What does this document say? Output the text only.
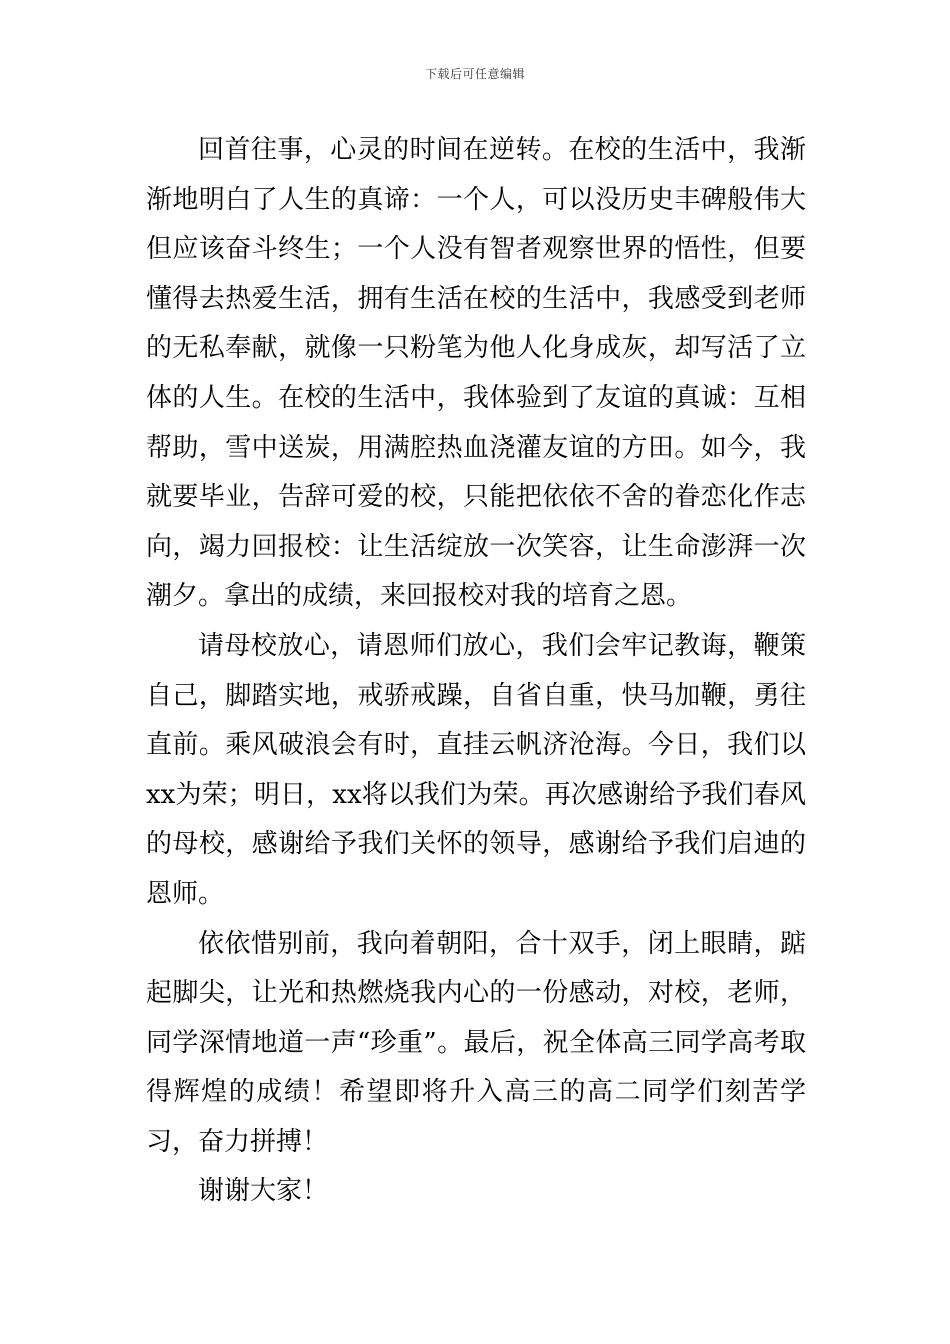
下载后可任意编辑

回首往事，心灵的时间在逆转。在校的生活中，我渐渐地明白了人生的真谛：一个人，可以没历史丰碑般伟大但应该奋斗终生；一个人没有智者观察世界的悟性，但要懂得去热爱生活，拥有生活在校的生活中，我感受到老师的无私奉献，就像一只粉笔为他人化身成灰，却写活了立体的人生。在校的生活中，我体验到了友谊的真诚：互相帮助，雪中送炭，用满腔热血浇灌友谊的方田。如今，我就要毕业，告辞可爱的校，只能把依依不舍的眷恋化作志向，竭力回报校：让生活绽放一次笑容，让生命澎湃一次潮夕。拿出的成绩，来回报校对我的培育之恩。

请母校放心，请恩师们放心，我们会牢记教诲，鞭策自己，脚踏实地，戒骄戒躁，自省自重，快马加鞭，勇往直前。乘风破浪会有时，直挂云帆济沧海。今日，我们以xx为荣；明日，xx将以我们为荣。再次感谢给予我们春风的母校，感谢给予我们关怀的领导，感谢给予我们启迪的恩师。

依依惜别前，我向着朝阳，合十双手，闭上眼睛，踮起脚尖，让光和热燃烧我内心的一份感动，对校，老师，同学深情地道一声“珍重”。最后，祝全体高三同学高考取得辉煌的成绩！希望即将升入高三的高二同学们刻苦学习，奋力拼搏！

谢谢大家！
